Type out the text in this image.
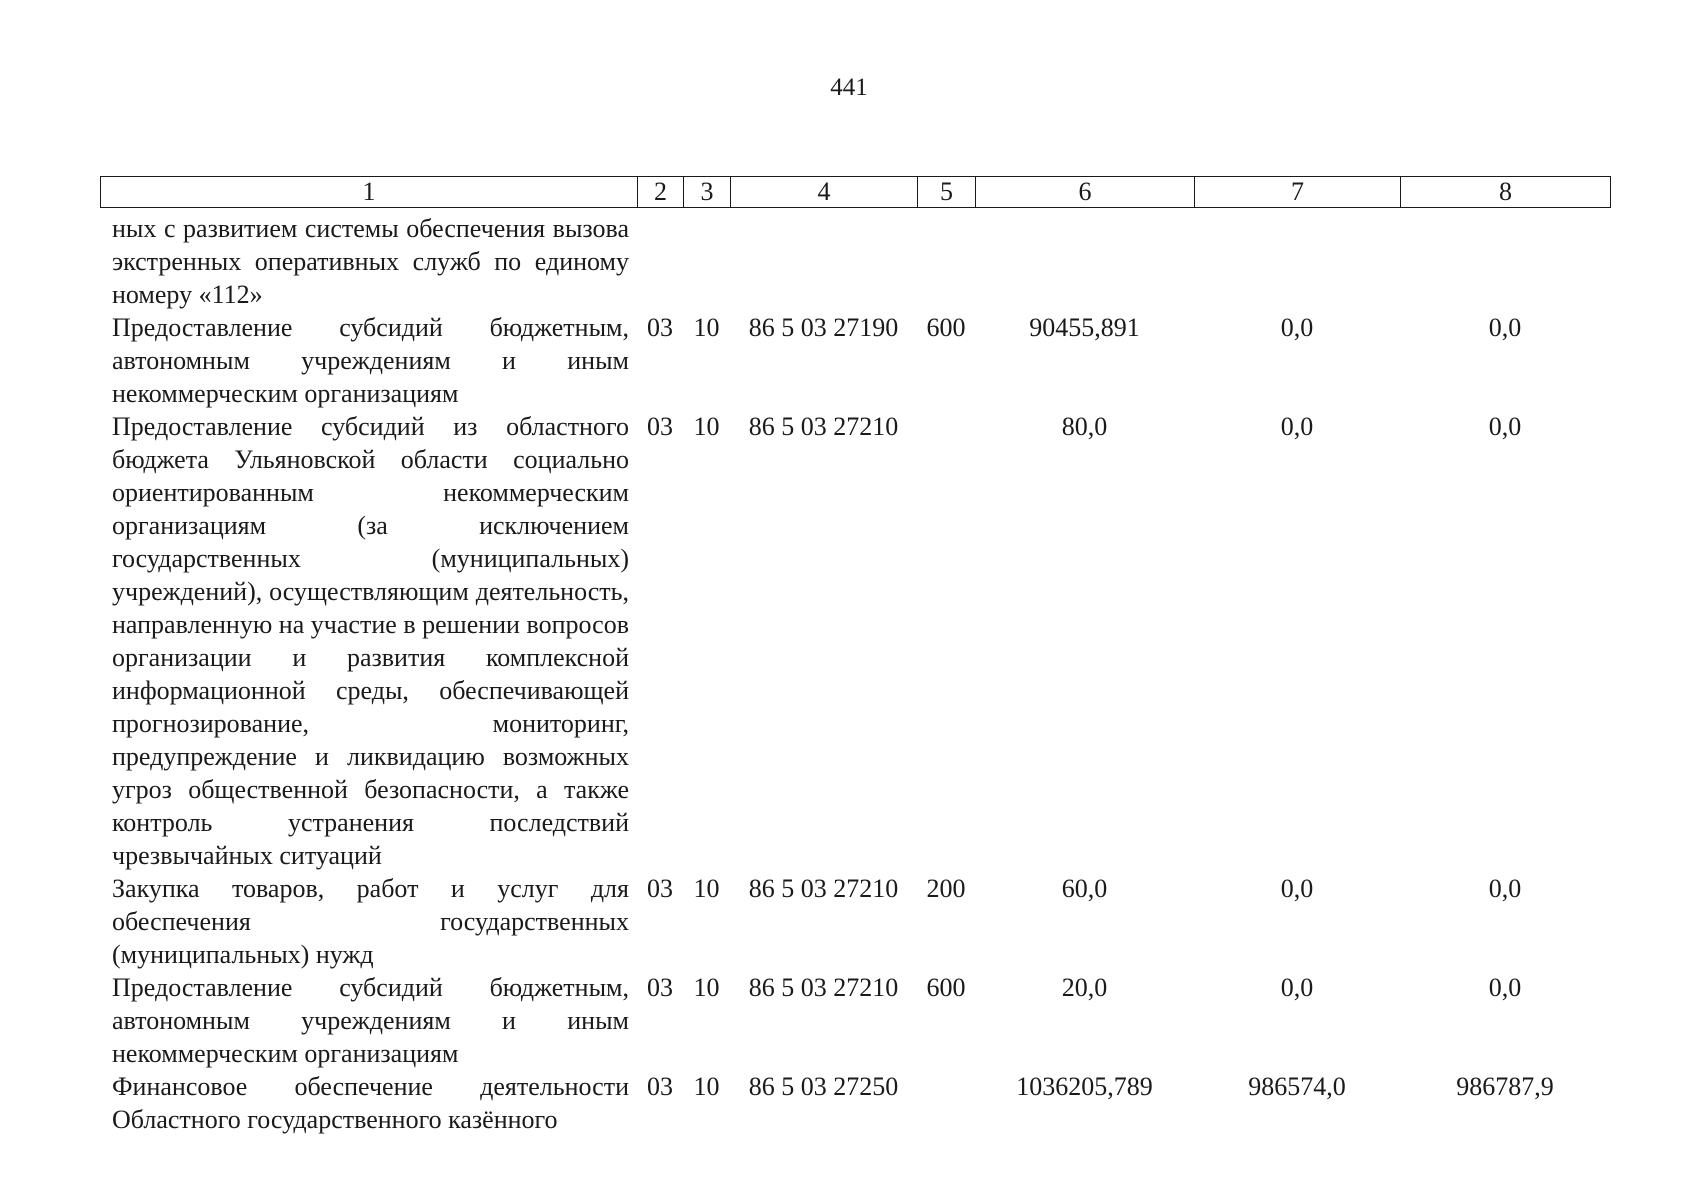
441
1	2	3	4	5	6	7	8
ных с развитием системы обеспечения вызова экстренных оперативных служб по единому номеру «112»							
Предоставление субсидий бюджетным, автономным учреждениям и иным некоммерческим организациям	03	10	86 5 03 27190	600	90455,891	0,0	0,0
Предоставление субсидий из областного бюджета Ульяновской области социально ориентированным некоммерческим организациям (за исключением государственных (муниципальных) учреждений), осуществляющим деятельность, направленную на участие в решении вопросов организации и развития комплексной информационной среды, обеспечивающей прогнозирование, мониторинг, предупреждение и ликвидацию возможных угроз общественной безопасности, а также контроль устранения последствий чрезвычайных ситуаций	03	10	86 5 03 27210		80,0	0,0	0,0
Закупка товаров, работ и услуг для обеспечения государственных (муниципальных) нужд	03	10	86 5 03 27210	200	60,0	0,0	0,0
Предоставление субсидий бюджетным, автономным учреждениям и иным некоммерческим организациям	03	10	86 5 03 27210	600	20,0	0,0	0,0
Финансовое обеспечение деятельности Областного государственного казённого	03	10	86 5 03 27250		1036205,789	986574,0	986787,9
